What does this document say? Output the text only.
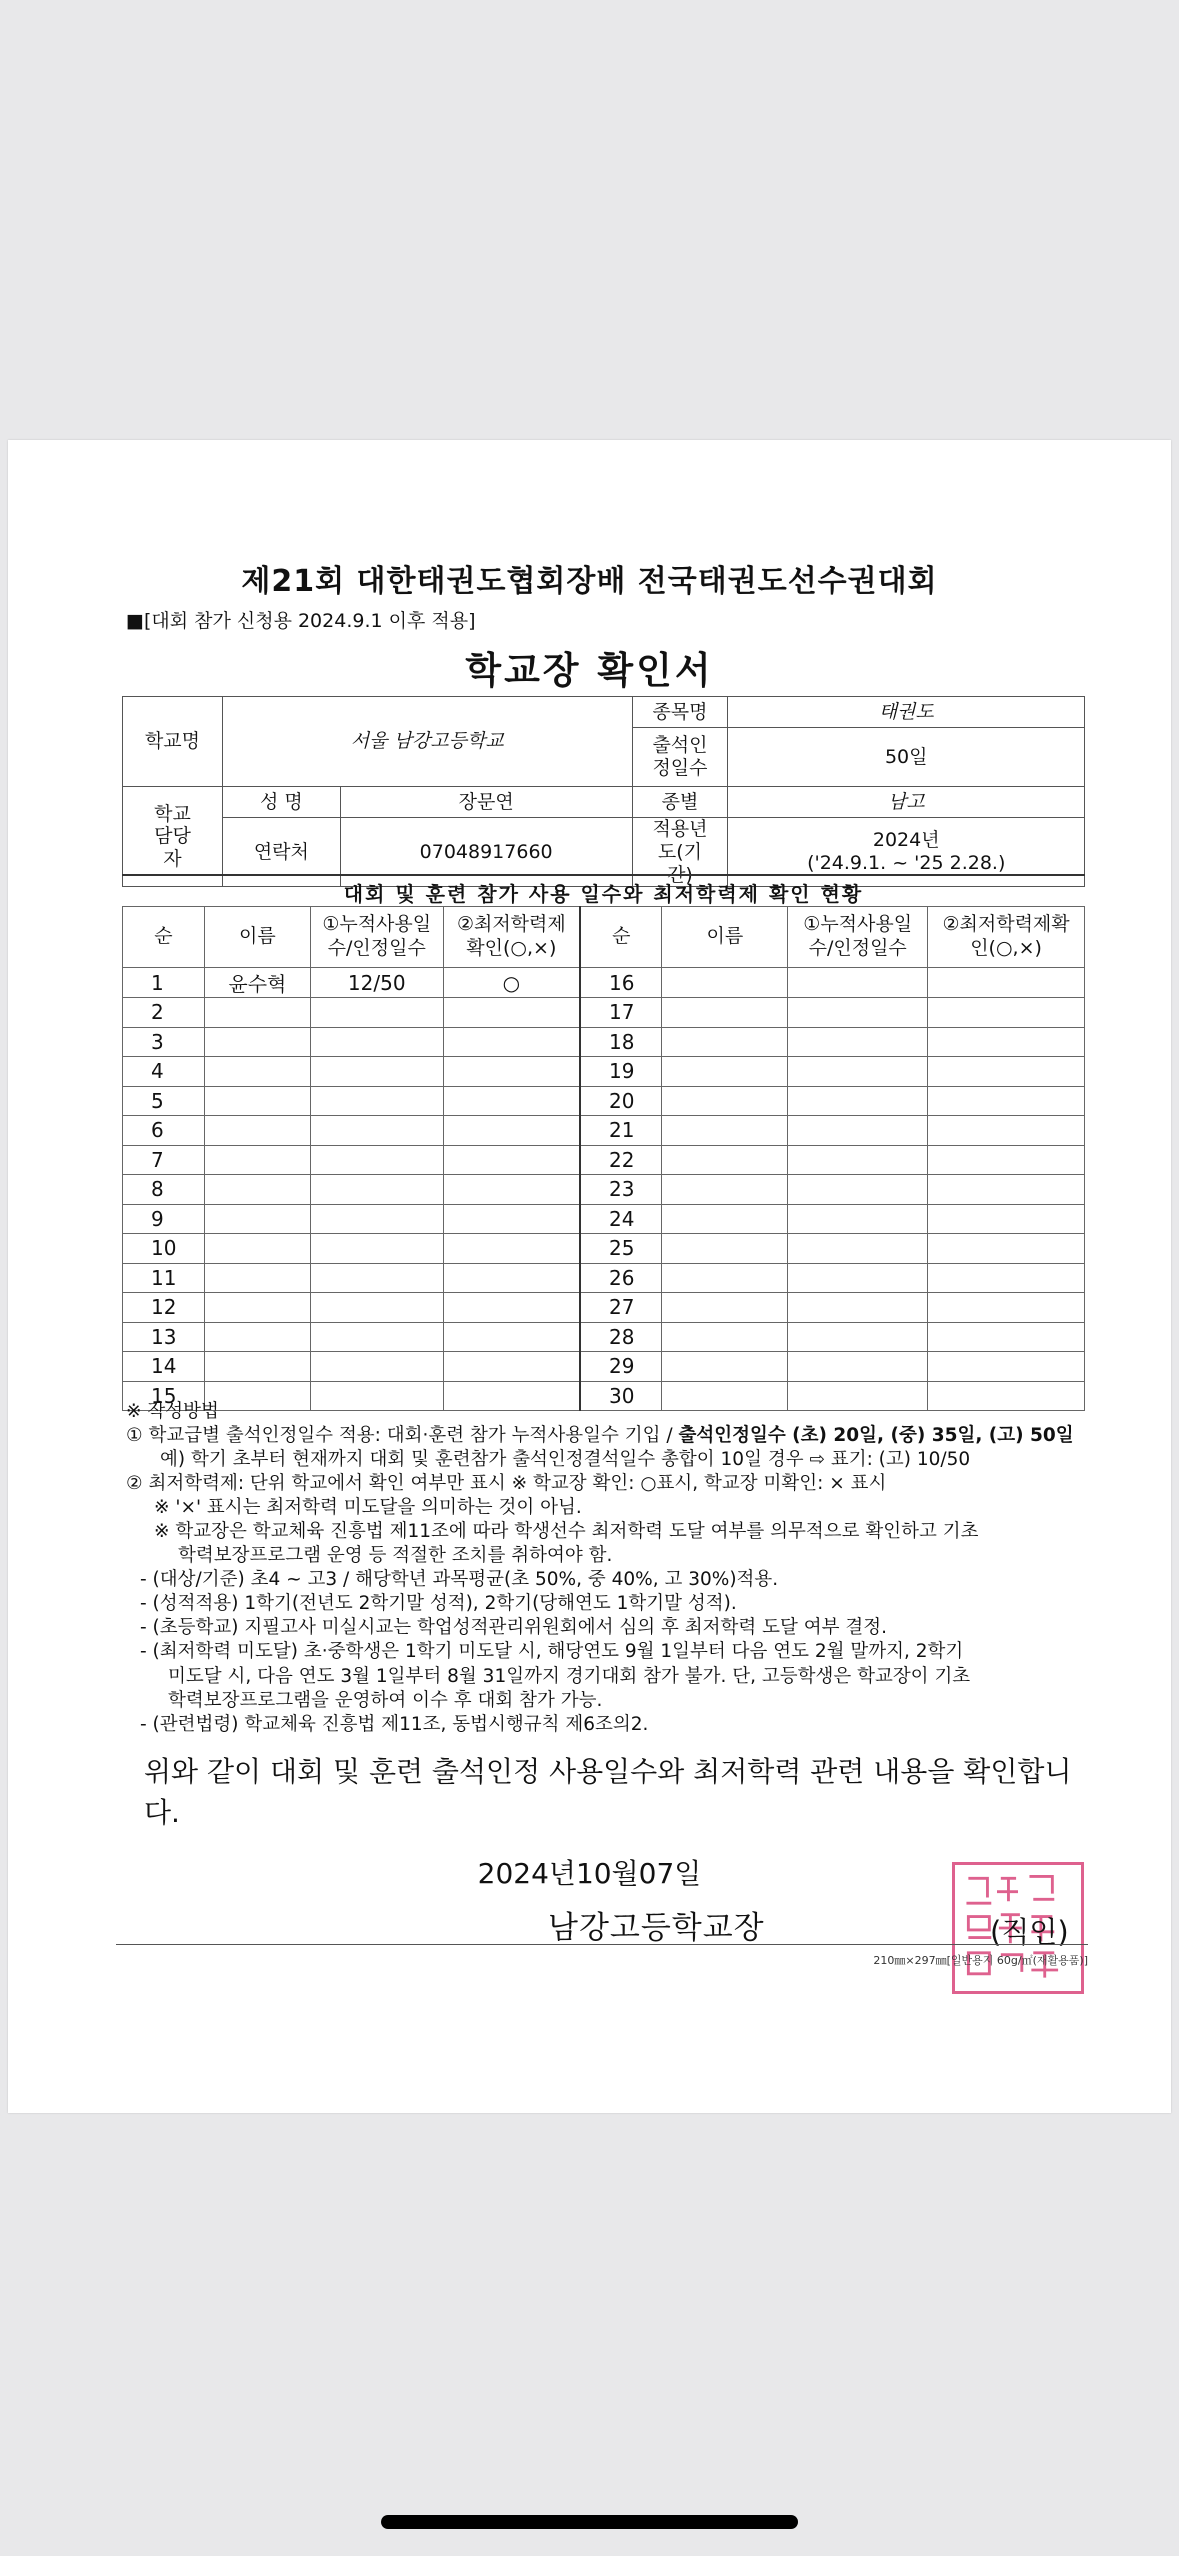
제21회 대한태권도협회장배 전국태권도선수권대회
■[대회 참가 신청용 2024.9.1 이후 적용]
학교장 확인서
학교명	서울 남강고등학교		종목명	태권도
			출석인정일수	50일
학교담당자	성 명	장문연	종별	남고
	연락처	07048917660	적용년도(기간)	2024년
('24.9.1. ~ '25 2.28.)
대회 및 훈련 참가 사용 일수와 최저학력제 확인 현황
순	이름	①누적사용일수/인정일수	②최저학력제확인(○,×)	순	이름	①누적사용일수/인정일수	②최저학력제확인(○,×)
1	윤수혁	12/50	○	16			
2				17			
3				18			
4				19			
5				20			
6				21			
7				22			
8				23			
9				24			
10				25			
11				26			
12				27			
13				28			
14				29			
15				30			
※ 작성방법
① 학교급별 출석인정일수 적용: 대회·훈련 참가 누적사용일수 기입 / 출석인정일수 (초) 20일, (중) 35일, (고) 50일
예) 학기 초부터 현재까지 대회 및 훈련참가 출석인정결석일수 총합이 10일 경우 ⇨ 표기: (고) 10/50
② 최저학력제: 단위 학교에서 확인 여부만 표시 ※ 학교장 확인: ○표시, 학교장 미확인: × 표시
※ '×' 표시는 최저학력 미도달을 의미하는 것이 아님.
※ 학교장은 학교체육 진흥법 제11조에 따라 학생선수 최저학력 도달 여부를 의무적으로 확인하고 기초
학력보장프로그램 운영 등 적절한 조치를 취하여야 함.
- (대상/기준) 초4 ~ 고3 / 해당학년 과목평균(초 50%, 중 40%, 고 30%)적용.
- (성적적용) 1학기(전년도 2학기말 성적), 2학기(당해연도 1학기말 성적).
- (초등학교) 지필고사 미실시교는 학업성적관리위원회에서 심의 후 최저학력 도달 여부 결정.
- (최저학력 미도달) 초·중학생은 1학기 미도달 시, 해당연도 9월 1일부터 다음 연도 2월 말까지, 2학기
미도달 시, 다음 연도 3월 1일부터 8월 31일까지 경기대회 참가 불가. 단, 고등학생은 학교장이 기초
학력보장프로그램을 운영하여 이수 후 대회 참가 가능.
- (관련법령) 학교체육 진흥법 제11조, 동법시행규칙 제6조의2.
위와 같이 대회 및 훈련 출석인정 사용일수와 최저학력 관련 내용을 확인합니다.
2024년10월07일
남강고등학교장	(직인)
210㎜×297㎜[일반용지 60g/㎡(재활용품)]
